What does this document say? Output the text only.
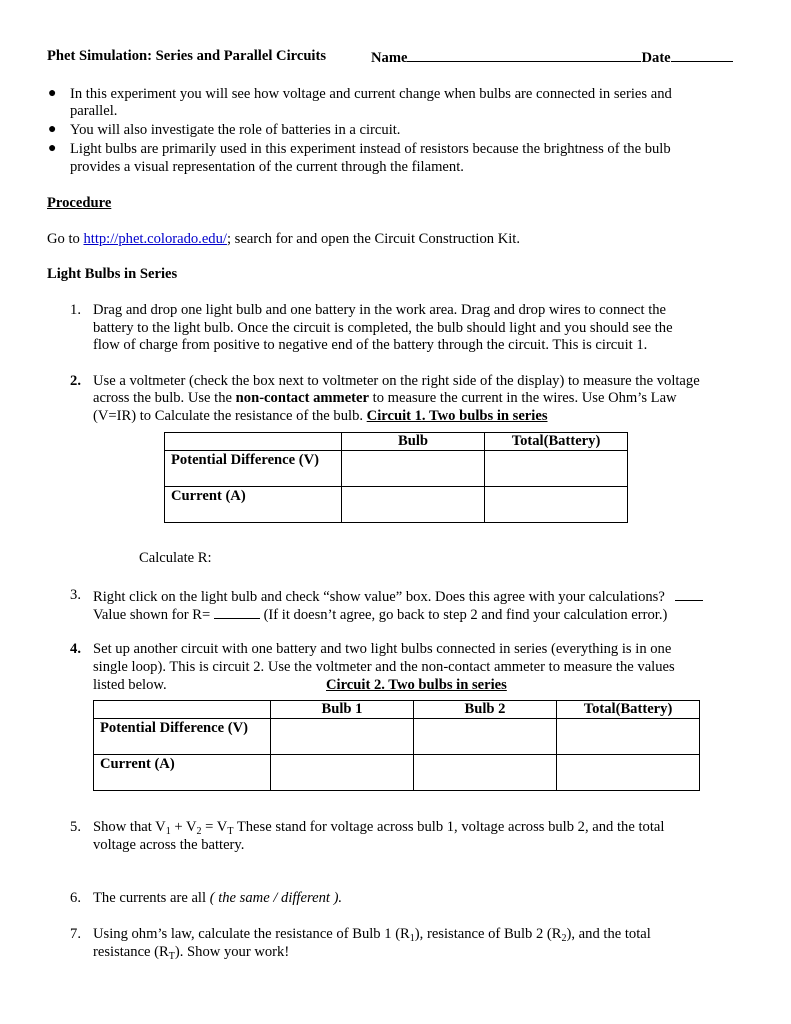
Phet Simulation: Series and Parallel Circuits	Name	Date
● In this experiment you will see how voltage and current change when bulbs are connected in series and
parallel.
● You will also investigate the role of batteries in a circuit.
● Light bulbs are primarily used in this experiment instead of resistors because the brightness of the bulb
provides a visual representation of the current through the filament.
Procedure
Go to http://phet.colorado.edu/; search for and open the Circuit Construction Kit.
Light Bulbs in Series
1. Drag and drop one light bulb and one battery in the work area. Drag and drop wires to connect the
battery to the light bulb. Once the circuit is completed, the bulb should light and you should see the
flow of charge from positive to negative end of the battery through the circuit. This is circuit 1.
2. Use a voltmeter (check the box next to voltmeter on the right side of the display) to measure the voltage
across the bulb. Use the non-contact ammeter to measure the current in the wires. Use Ohm’s Law
(V=IR) to Calculate the resistance of the bulb. Circuit 1. Two bulbs in series
	Bulb	Total(Battery)
Potential Difference (V)		
Current (A)		
Calculate R:
3. Right click on the light bulb and check “show value” box. Does this agree with your calculations?
Value shown for R=	(If it doesn’t agree, go back to step 2 and find your calculation error.)
4. Set up another circuit with one battery and two light bulbs connected in series (everything is in one
single loop). This is circuit 2. Use the voltmeter and the non-contact ammeter to measure the values
listed below.	Circuit 2. Two bulbs in series
	Bulb 1	Bulb 2	Total(Battery)
Potential Difference (V)			
Current (A)			
5. Show that $V_1 + V_2 = V_T$ These stand for voltage across bulb 1, voltage across bulb 2, and the total
voltage across the battery.
6. The currents are all ( the same / different ).
7. Using ohm’s law, calculate the resistance of Bulb 1 $(R_1)$, resistance of Bulb 2 $(R_2)$, and the total
resistance $(R_T)$. Show your work!
